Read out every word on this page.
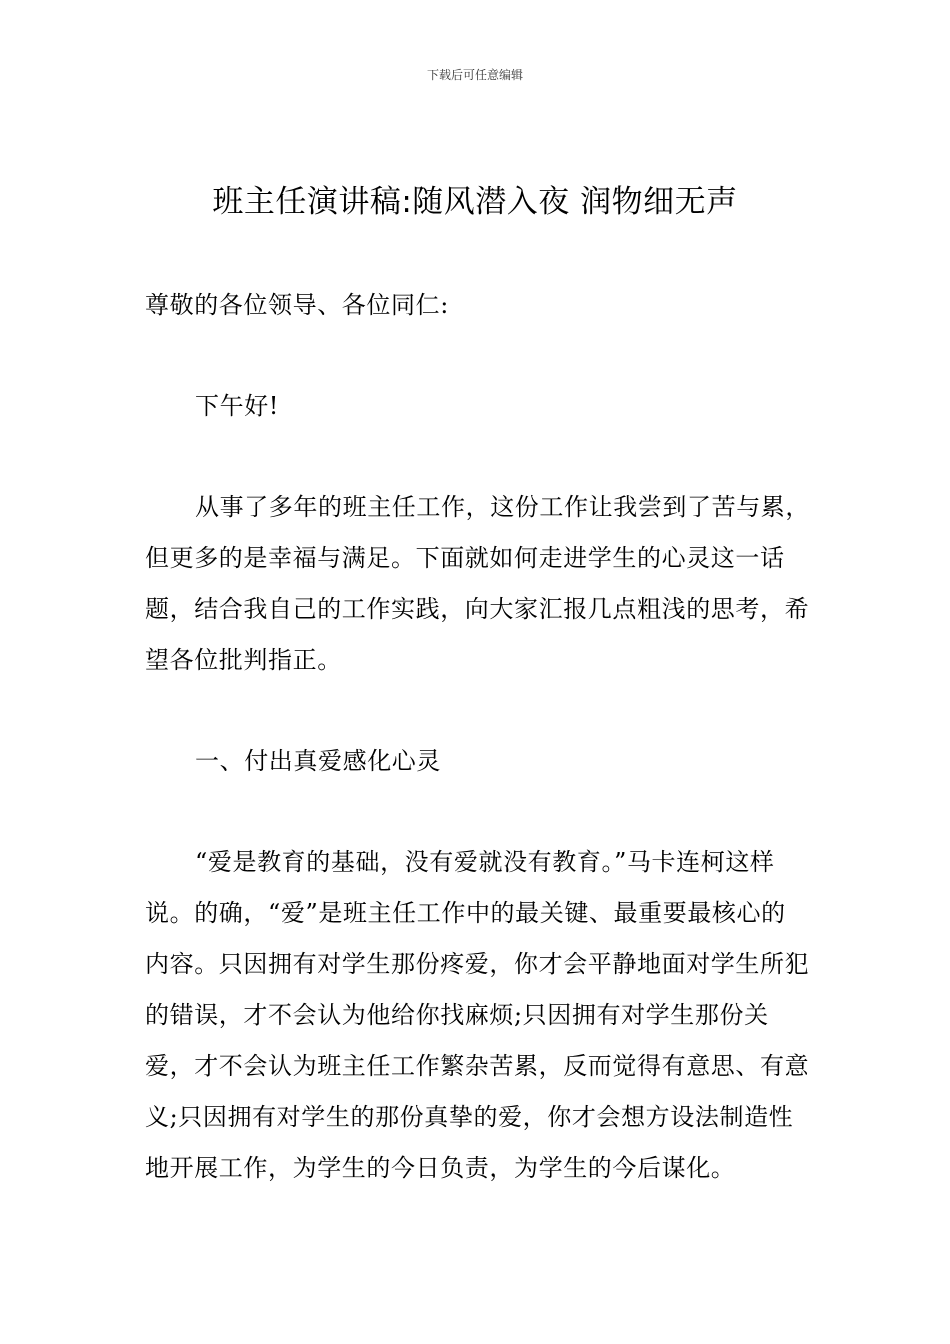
下载后可任意编辑
班主任演讲稿:随风潜入夜 润物细无声

尊敬的各位领导、各位同仁:

下午好!

从事了多年的班主任工作，这份工作让我尝到了苦与累，但更多的是幸福与满足。下面就如何走进学生的心灵这一话题，结合我自己的工作实践，向大家汇报几点粗浅的思考，希望各位批判指正。

一、付出真爱感化心灵

“爱是教育的基础，没有爱就没有教育。”马卡连柯这样说。的确，“爱”是班主任工作中的最关键、最重要最核心的内容。只因拥有对学生那份疼爱，你才会平静地面对学生所犯的错误，才不会认为他给你找麻烦;只因拥有对学生那份关爱，才不会认为班主任工作繁杂苦累，反而觉得有意思、有意义;只因拥有对学生的那份真挚的爱，你才会想方设法制造性地开展工作，为学生的今日负责，为学生的今后谋化。
